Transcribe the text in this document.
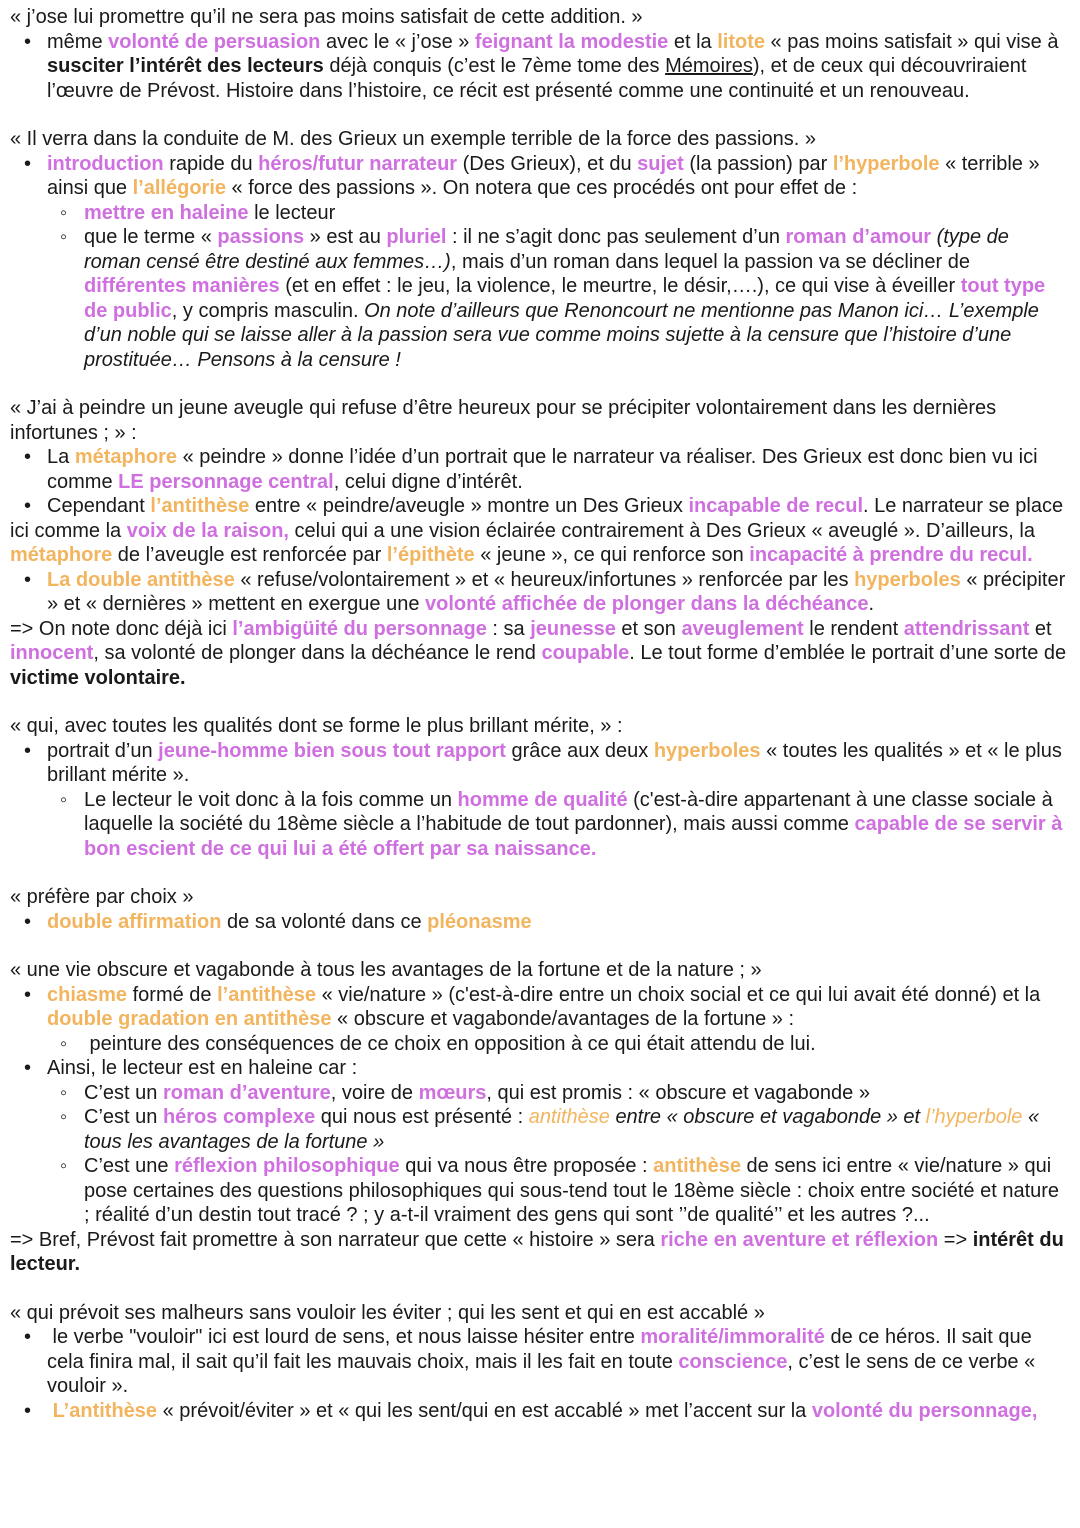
« j’ose lui promettre qu’il ne sera pas moins satisfait de cette addition. »

• même volonté de persuasion avec le « j’ose » feignant la modestie et la litote « pas moins satisfait » qui vise à susciter l’intérêt des lecteurs déjà conquis (c’est le 7ème tome des Mémoires), et de ceux qui découvriraient l’œuvre de Prévost. Histoire dans l’histoire, ce récit est présenté comme une continuité et un renouveau.

« Il verra dans la conduite de M. des Grieux un exemple terrible de la force des passions. »

• introduction rapide du héros/futur narrateur (Des Grieux), et du sujet (la passion) par l’hyperbole « terrible » ainsi que l’allégorie « force des passions ». On notera que ces procédés ont pour effet de :
◦ mettre en haleine le lecteur
◦ que le terme « passions » est au pluriel : il ne s’agit donc pas seulement d’un roman d’amour (type de roman censé être destiné aux femmes…), mais d’un roman dans lequel la passion va se décliner de différentes manières (et en effet : le jeu, la violence, le meurtre, le désir,….), ce qui vise à éveiller tout type de public, y compris masculin. On note d’ailleurs que Renoncourt ne mentionne pas Manon ici… L’exemple d’un noble qui se laisse aller à la passion sera vue comme moins sujette à la censure que l’histoire d’une prostituée… Pensons à la censure !

« J’ai à peindre un jeune aveugle qui refuse d’être heureux pour se précipiter volontairement dans les dernières infortunes ; » :

• La métaphore « peindre » donne l’idée d’un portrait que le narrateur va réaliser. Des Grieux est donc bien vu ici comme LE personnage central, celui digne d’intérêt.

• Cependant l’antithèse entre « peindre/aveugle » montre un Des Grieux incapable de recul. Le narrateur se place ici comme la voix de la raison, celui qui a une vision éclairée contrairement à Des Grieux « aveuglé ». D’ailleurs, la métaphore de l’aveugle est renforcée par l’épithète « jeune », ce qui renforce son incapacité à prendre du recul.

• La double antithèse « refuse/volontairement » et « heureux/infortunes » renforcée par les hyperboles « précipiter » et « dernières » mettent en exergue une volonté affichée de plonger dans la déchéance.

=> On note donc déjà ici l’ambigüité du personnage : sa jeunesse et son aveuglement le rendent attendrissant et innocent, sa volonté de plonger dans la déchéance le rend coupable. Le tout forme d’emblée le portrait d’une sorte de victime volontaire.

« qui, avec toutes les qualités dont se forme le plus brillant mérite, » :

• portrait d’un jeune-homme bien sous tout rapport grâce aux deux hyperboles « toutes les qualités » et « le plus brillant mérite ».
◦ Le lecteur le voit donc à la fois comme un homme de qualité (c'est-à-dire appartenant à une classe sociale à laquelle la société du 18ème siècle a l’habitude de tout pardonner), mais aussi comme capable de se servir à bon escient de ce qui lui a été offert par sa naissance.

« préfère par choix »

• double affirmation de sa volonté dans ce pléonasme

« une vie obscure et vagabonde à tous les avantages de la fortune et de la nature ; »

• chiasme formé de l’antithèse « vie/nature » (c'est-à-dire entre un choix social et ce qui lui avait été donné) et la double gradation en antithèse « obscure et vagabonde/avantages de la fortune » :
◦  peinture des conséquences de ce choix en opposition à ce qui était attendu de lui.
• Ainsi, le lecteur est en haleine car :
◦ C’est un roman d’aventure, voire de mœurs, qui est promis : « obscure et vagabonde »
◦ C’est un héros complexe qui nous est présenté : antithèse entre « obscure et vagabonde » et l’hyperbole « tous les avantages de la fortune »
◦ C’est une réflexion philosophique qui va nous être proposée : antithèse de sens ici entre « vie/nature » qui pose certaines des questions philosophiques qui sous-tend tout le 18ème siècle : choix entre société et nature ; réalité d’un destin tout tracé ? ; y a-t-il vraiment des gens qui sont ’’de qualité’’ et les autres ?...

=> Bref, Prévost fait promettre à son narrateur que cette « histoire » sera riche en aventure et réflexion => intérêt du lecteur.

« qui prévoit ses malheurs sans vouloir les éviter ; qui les sent et qui en est accablé »

•  le verbe "vouloir" ici est lourd de sens, et nous laisse hésiter entre moralité/immoralité de ce héros. Il sait que cela finira mal, il sait qu’il fait les mauvais choix, mais il les fait en toute conscience, c’est le sens de ce verbe « vouloir ».
• L’antithèse « prévoit/éviter » et « qui les sent/qui en est accablé » met l’accent sur la volonté du personnage,
